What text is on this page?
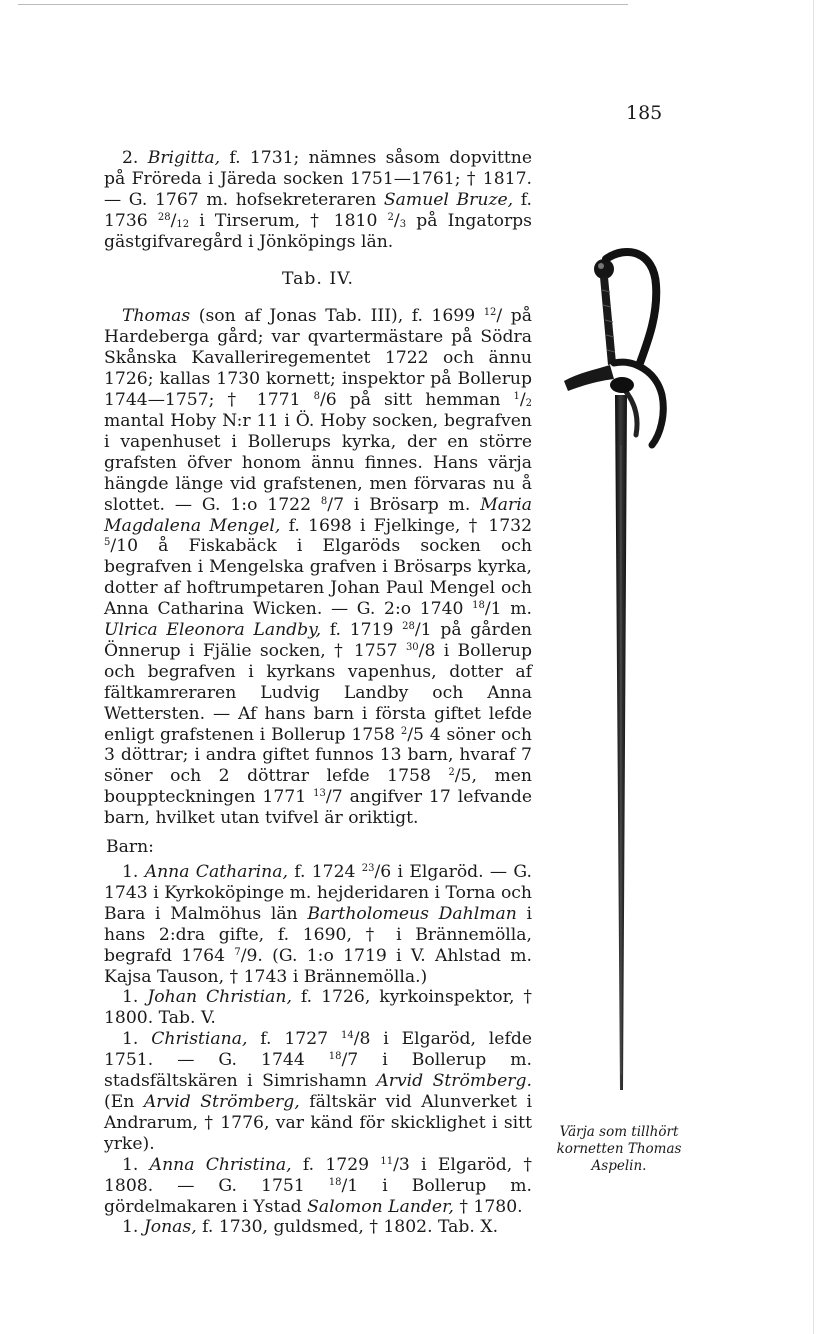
185

2. Brigitta, f. 1731; nämnes såsom dopvittne på Fröreda i Järeda socken 1751—1761; † 1817. — G. 1767 m. hofsekreteraren Samuel Bruze, f. 1736 $^{28}/_{12}$ i Tirserum, † 1810 $^2/_3$ på Ingatorps gästgifvaregård i Jönköpings län.

Tab. IV.

Thomas (son af Jonas Tab. III), f. 1699 $^{12}$/ på Hardeberga gård; var qvartermästare på Södra Skånska Kavalleriregementet 1722 och ännu 1726; kallas 1730 kornett; inspektor på Bollerup 1744—1757; † 1771 $^8$/6 på sitt hemman $^1/_2$ mantal Hoby N:r 11 i Ö. Hoby socken, begrafven i vapenhuset i Bollerups kyrka, der en större grafsten öfver honom ännu finnes. Hans värja hängde länge vid grafstenen, men förvaras nu å slottet. — G. 1:o 1722 $^8$/7 i Brösarp m. Maria Magdalena Mengel, f. 1698 i Fjelkinge, † 1732 $^5$/10 å Fiskabäck i Elgaröds socken och begrafven i Mengelska grafven i Brösarps kyrka, dotter af hoftrumpetaren Johan Paul Mengel och Anna Catharina Wicken. — G. 2:o 1740 $^{18}$/1 m. Ulrica Eleonora Landby, f. 1719 $^{28}$/1 på gården Önnerup i Fjälie socken, † 1757 $^{30}$/8 i Bollerup och begrafven i kyrkans vapenhus, dotter af fältkamreraren Ludvig Landby och Anna Wettersten. — Af hans barn i första giftet lefde enligt grafstenen i Bollerup 1758 $^2$/5 4 söner och 3 döttrar; i andra giftet funnos 13 barn, hvaraf 7 söner och 2 döttrar lefde 1758 $^2$/5, men bouppteckningen 1771 $^{13}$/7 angifver 17 lefvande barn, hvilket utan tvifvel är oriktigt.

Barn:

1. Anna Catharina, f. 1724 $^{23}$/6 i Elgaröd. — G. 1743 i Kyrkoköpinge m. hejderidaren i Torna och Bara i Malmöhus län Bartholomeus Dahlman i hans 2:dra gifte, f. 1690, † i Brännemölla, begrafd 1764 $^7$/9. (G. 1:o 1719 i V. Ahlstad m. Kajsa Tauson, † 1743 i Brännemölla.)

1. Johan Christian, f. 1726, kyrkoinspektor, † 1800. Tab. V.

1. Christiana, f. 1727 $^{14}$/8 i Elgaröd, lefde 1751. — G. 1744 $^{18}$/7 i Bollerup m. stadsfältskären i Simrishamn Arvid Strömberg. (En Arvid Strömberg, fältskär vid Alunverket i Andrarum, † 1776, var känd för skicklighet i sitt yrke).

1. Anna Christina, f. 1729 $^{11}$/3 i Elgaröd, † 1808. — G. 1751 $^{18}$/1 i Bollerup m. gördelmakaren i Ystad Salomon Lander, † 1780.

1. Jonas, f. 1730, guldsmed, † 1802. Tab. X.

Värja som tillhört
kornetten Thomas
Aspelin.
